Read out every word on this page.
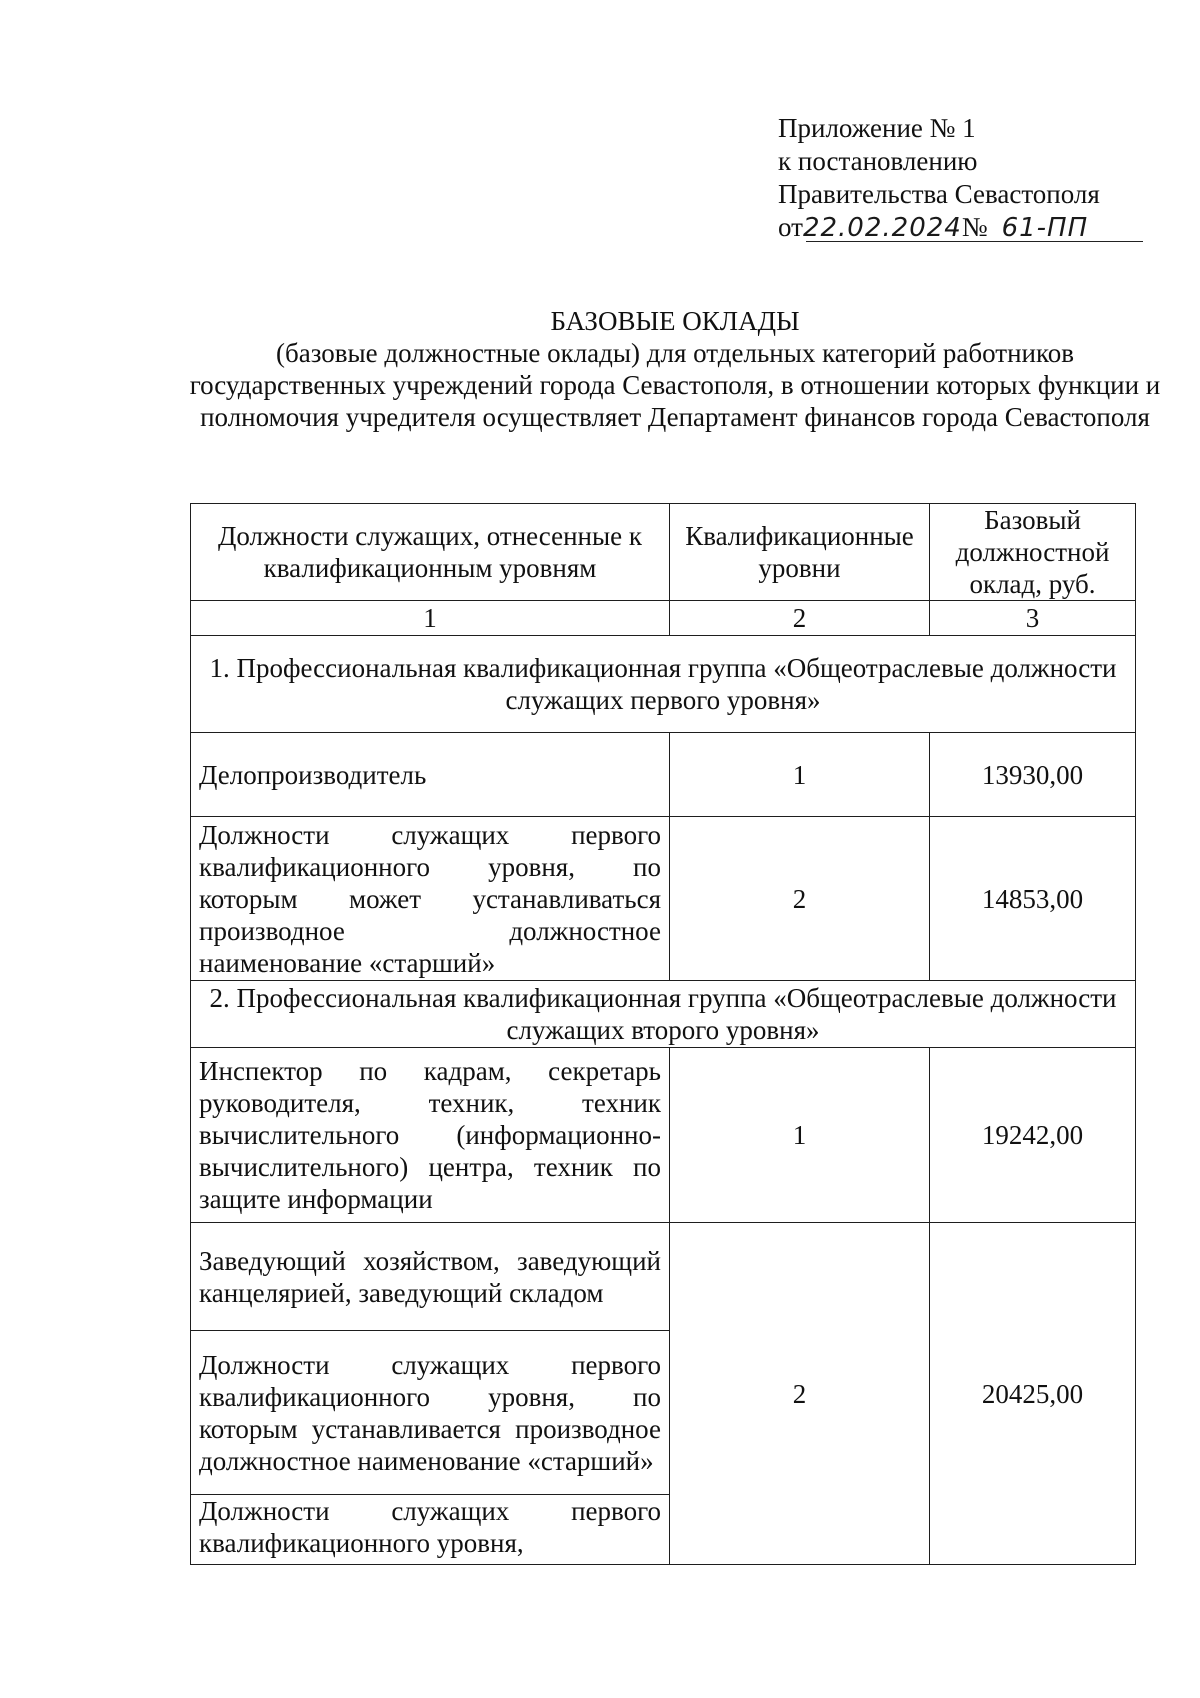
Приложение № 1
к постановлению
Правительства Севастополя
от22.02.2024№ 61-ПП
БАЗОВЫЕ ОКЛАДЫ
(базовые должностные оклады) для отдельных категорий работников государственных учреждений города Севастополя, в отношении которых функции и полномочия учредителя осуществляет Департамент финансов города Севастополя
Должности служащих, отнесенные к квалификационным уровням	Квалификационные уровни	Базовый должностной оклад, руб.
1	2	3
1. Профессиональная квалификационная группа «Общеотраслевые должности служащих первого уровня»		
Делопроизводитель	1	13930,00
Должности служащих первого квалификационного уровня, по которым может устанавливаться производное должностное наименование «старший»	2	14853,00
2. Профессиональная квалификационная группа «Общеотраслевые должности служащих второго уровня»		
Инспектор по кадрам, секретарь руководителя, техник, техник вычислительного (информационно-вычислительного) центра, техник по защите информации	1	19242,00
Заведующий хозяйством, заведующий канцелярией, заведующий складом	2	20425,00
Должности служащих первого квалификационного уровня, по которым устанавливается производное должностное наименование «старший»		
Должности служащих первого квалификационного уровня,		
